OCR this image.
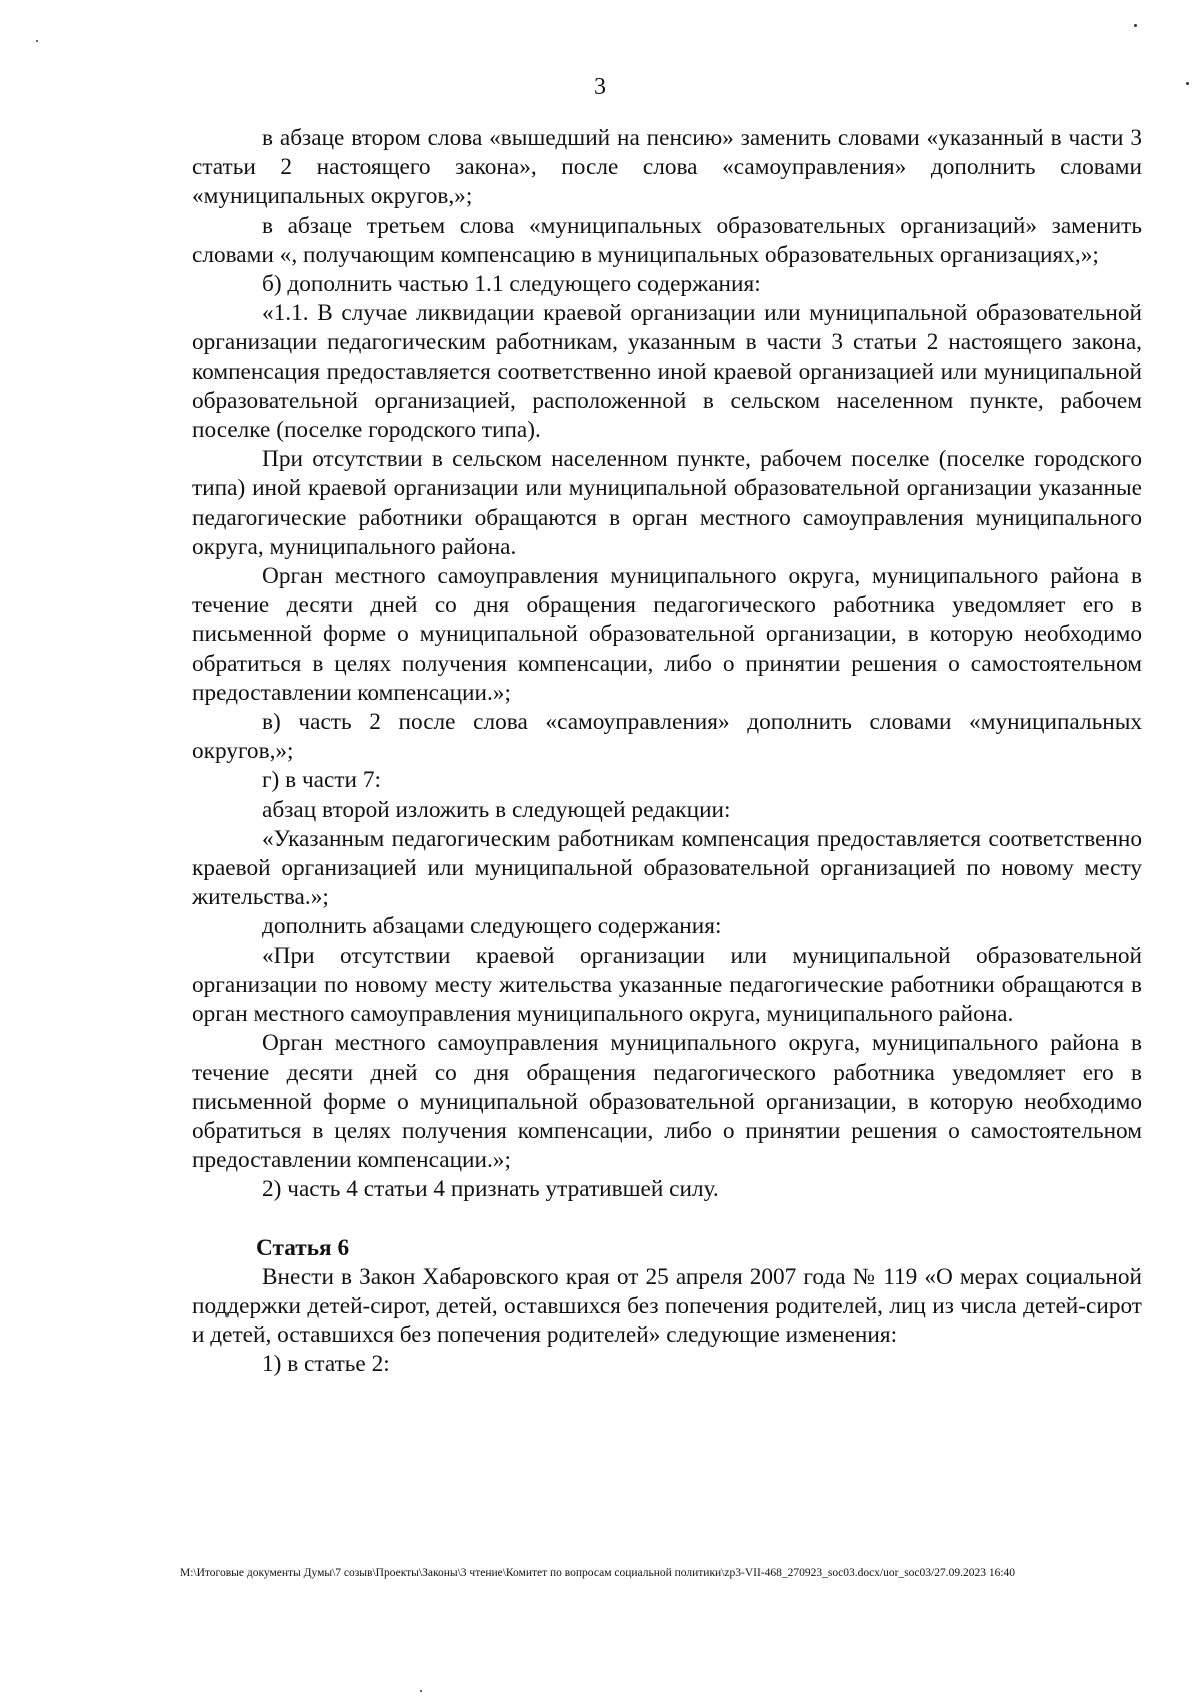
3

в абзаце втором слова «вышедший на пенсию» заменить словами «указанный в части 3 статьи 2 настоящего закона», после слова «самоуправления» дополнить словами «муниципальных округов,»;

в абзаце третьем слова «муниципальных образовательных организаций» заменить словами «, получающим компенсацию в муниципальных образовательных организациях,»;

б) дополнить частью 1.1 следующего содержания:

«1.1. В случае ликвидации краевой организации или муниципальной образовательной организации педагогическим работникам, указанным в части 3 статьи 2 настоящего закона, компенсация предоставляется соответственно иной краевой организацией или муниципальной образовательной организацией, расположенной в сельском населенном пункте, рабочем поселке (поселке городского типа).

При отсутствии в сельском населенном пункте, рабочем поселке (поселке городского типа) иной краевой организации или муниципальной образовательной организации указанные педагогические работники обращаются в орган местного самоуправления муниципального округа, муниципального района.

Орган местного самоуправления муниципального округа, муниципального района в течение десяти дней со дня обращения педагогического работника уведомляет его в письменной форме о муниципальной образовательной организации, в которую необходимо обратиться в целях получения компенсации, либо о принятии решения о самостоятельном предоставлении компенсации.»;

в) часть 2 после слова «самоуправления» дополнить словами «муниципальных округов,»;

г) в части 7:

абзац второй изложить в следующей редакции:

«Указанным педагогическим работникам компенсация предоставляется соответственно краевой организацией или муниципальной образовательной организацией по новому месту жительства.»;

дополнить абзацами следующего содержания:

«При отсутствии краевой организации или муниципальной образовательной организации по новому месту жительства указанные педагогические работники обращаются в орган местного самоуправления муниципального округа, муниципального района.

Орган местного самоуправления муниципального округа, муниципального района в течение десяти дней со дня обращения педагогического работника уведомляет его в письменной форме о муниципальной образовательной организации, в которую необходимо обратиться в целях получения компенсации, либо о принятии решения о самостоятельном предоставлении компенсации.»;

2) часть 4 статьи 4 признать утратившей силу.

Статья 6

Внести в Закон Хабаровского края от 25 апреля 2007 года № 119 «О мерах социальной поддержки детей-сирот, детей, оставшихся без попечения родителей, лиц из числа детей-сирот и детей, оставшихся без попечения родителей» следующие изменения:

1) в статье 2:

M:\Итоговые документы Думы\7 созыв\Проекты\Законы\3 чтение\Комитет по вопросам социальной политики\zp3-VII-468_270923_soc03.docx/uor_soc03/27.09.2023 16:40
